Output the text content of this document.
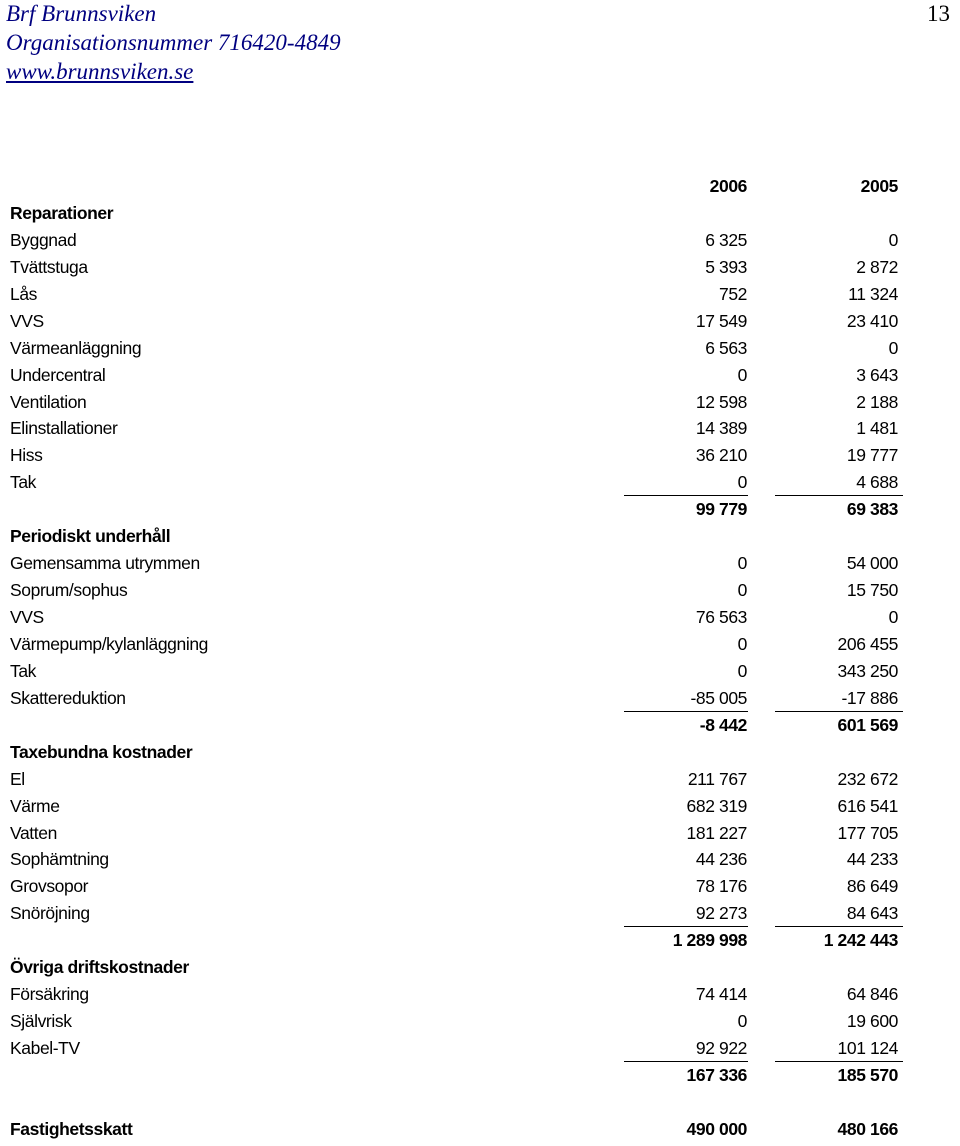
Brf Brunnsviken
Organisationsnummer 716420-4849
www.brunnsviken.se
13
2006	2005
Reparationer
Byggnad	6 325	0
Tvättstuga	5 393	2 872
Lås	752	11 324
VVS	17 549	23 410
Värmeanläggning	6 563	0
Undercentral	0	3 643
Ventilation	12 598	2 188
Elinstallationer	14 389	1 481
Hiss	36 210	19 777
Tak	0	4 688
99 779	69 383
Periodiskt underhåll
Gemensamma utrymmen	0	54 000
Soprum/sophus	0	15 750
VVS	76 563	0
Värmepump/kylanläggning	0	206 455
Tak	0	343 250
Skattereduktion	-85 005	-17 886
-8 442	601 569
Taxebundna kostnader
El	211 767	232 672
Värme	682 319	616 541
Vatten	181 227	177 705
Sophämtning	44 236	44 233
Grovsopor	78 176	86 649
Snöröjning	92 273	84 643
1 289 998	1 242 443
Övriga driftskostnader
Försäkring	74 414	64 846
Självrisk	0	19 600
Kabel-TV	92 922	101 124
167 336	185 570
Fastighetsskatt	490 000	480 166
